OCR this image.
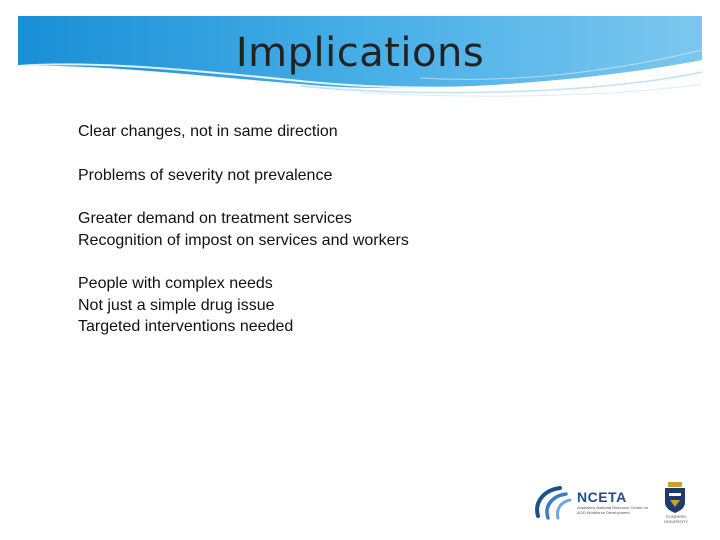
Implications
Clear changes, not in same direction
Problems of severity not prevalence
Greater demand on treatment services
Recognition of impost on services and workers
People with complex needs
Not just a simple drug issue
Targeted interventions needed
NCETA
Australia's National Research Centre on AOD Workforce Development
FLINDERS UNIVERSITY
